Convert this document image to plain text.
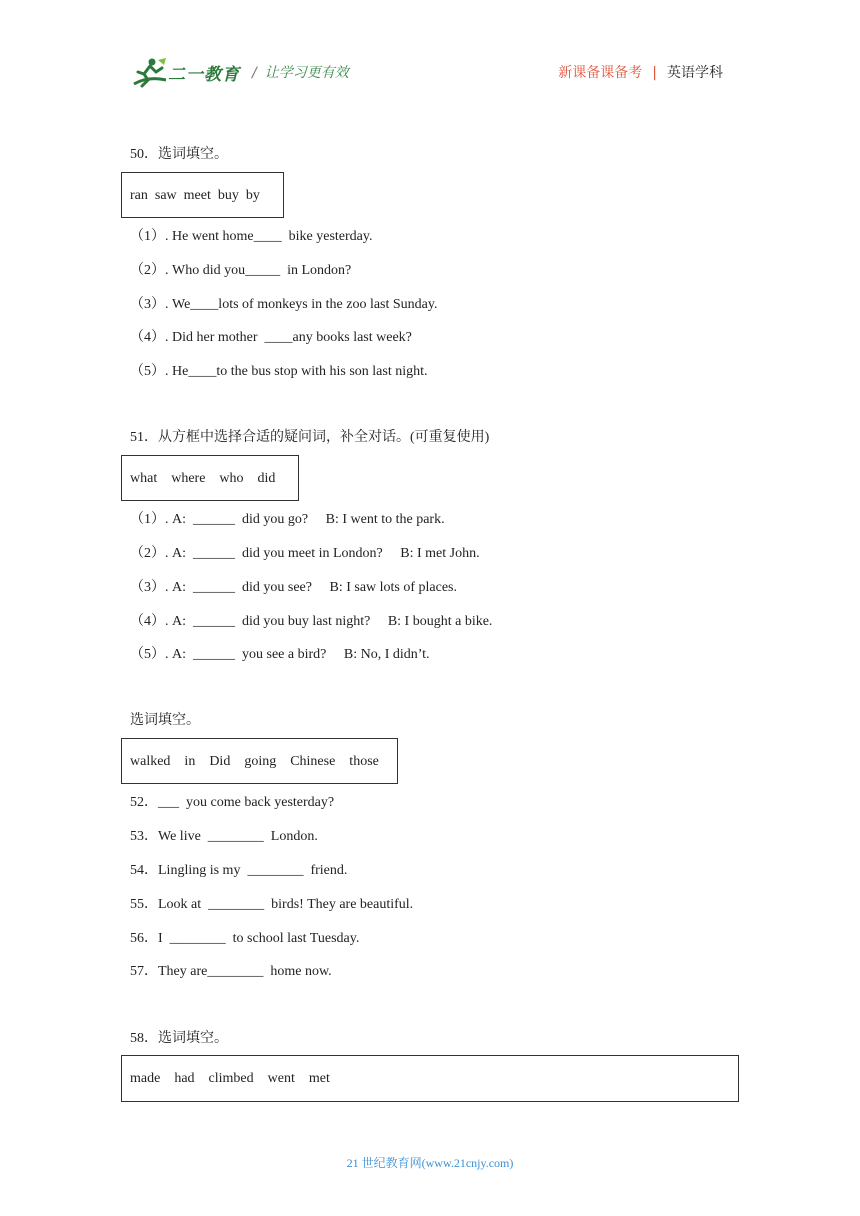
二一教育 / 让学习更有效	新课备课备考 | 英语学科
50．选词填空。
ran  saw  meet  buy  by
（1）. He went home____  bike yesterday.
（2）. Who did you_____  in London?
（3）. We____lots of monkeys in the zoo last Sunday.
（4）. Did her mother  ____any books last week?
（5）. He____to the bus stop with his son last night.
51．从方框中选择合适的疑问词，补全对话。(可重复使用)
what    where    who    did
（1）. A:  ______  did you go?     B: I went to the park.
（2）. A:  ______  did you meet in London?     B: I met John.
（3）. A:  ______  did you see?     B: I saw lots of places.
（4）. A:  ______  did you buy last night?     B: I bought a bike.
（5）. A:  ______  you see a bird?     B: No, I didn’t.
选词填空。
walked    in    Did    going    Chinese    those
52．___  you come back yesterday?
53．We live  ________  London.
54．Lingling is my  ________  friend.
55．Look at  ________  birds! They are beautiful.
56．I  ________  to school last Tuesday.
57．They are________  home now.
58．选词填空。
made    had    climbed    went    met
21 世纪教育网(www.21cnjy.com)
